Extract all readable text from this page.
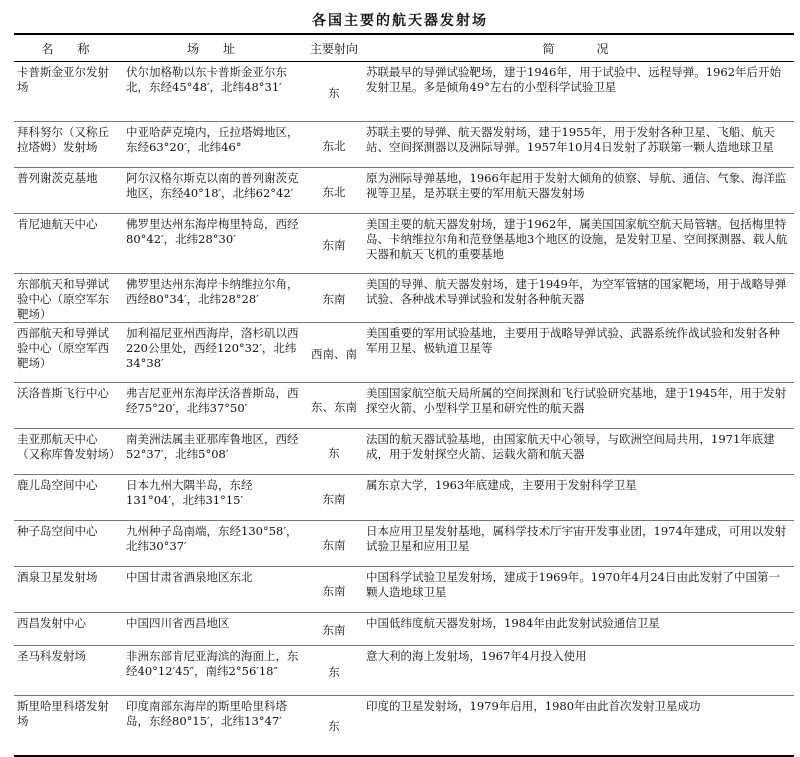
各国主要的航天器发射场
名　称	场　址	主要射向	简　　况
卡普斯金亚尔发射场	伏尔加格勒以东卡普斯金亚尔东北，东经45°48′，北纬48°31′	东	苏联最早的导弹试验靶场，建于1946年，用于试验中、远程导弹。1962年后开始发射卫星。多是倾角49°左右的小型科学试验卫星
拜科努尔（又称丘拉塔姆）发射场	中亚哈萨克境内，丘拉塔姆地区，东经63°20′，北纬46°	东北	苏联主要的导弹、航天器发射场，建于1955年，用于发射各种卫星、飞船、航天站、空间探测器以及洲际导弹。1957年10月4日发射了苏联第一颗人造地球卫星
普列谢茨克基地	阿尔汉格尔斯克以南的普列谢茨克地区，东经40°18′，北纬62°42′	东北	原为洲际导弹基地，1966年起用于发射大倾角的侦察、导航、通信、气象、海洋监视等卫星，是苏联主要的军用航天器发射场
肯尼迪航天中心	佛罗里达州东海岸梅里特岛，西经80°42′，北纬28°30′	东南	美国主要的航天器发射场，建于1962年，属美国国家航空航天局管辖。包括梅里特岛、卡纳维拉尔角和范登堡基地3个地区的设施，是发射卫星、空间探测器、载人航天器和航天飞机的重要基地
东部航天和导弹试验中心（原空军东靶场）	佛罗里达州东海岸卡纳维拉尔角，西经80°34′，北纬28°28′	东南	美国的导弹、航天器发射场，建于1949年，为空军管辖的国家靶场，用于战略导弹试验、各种战术导弹试验和发射各种航天器
西部航天和导弹试验中心（原空军西靶场）	加利福尼亚州西海岸，洛杉矶以西220公里处，西经120°32′，北纬34°38′	西南、南	美国重要的军用试验基地，主要用于战略导弹试验、武器系统作战试验和发射各种军用卫星、极轨道卫星等
沃洛普斯飞行中心	弗吉尼亚州东海岸沃洛普斯岛，西经75°20′，北纬37°50′	东、东南	美国国家航空航天局所属的空间探测和飞行试验研究基地，建于1945年，用于发射探空火箭、小型科学卫星和研究性的航天器
圭亚那航天中心（又称库鲁发射场）	南美洲法属圭亚那库鲁地区，西经52°37′，北纬5°08′	东	法国的航天器试验基地，由国家航天中心领导，与欧洲空间局共用，1971年底建成，用于发射探空火箭、运载火箭和航天器
鹿儿岛空间中心	日本九州大隅半岛，东经131°04′，北纬31°15′	东南	属东京大学，1963年底建成，主要用于发射科学卫星
种子岛空间中心	九州种子岛南端，东经130°58′，北纬30°37′	东南	日本应用卫星发射基地，属科学技术厅宇宙开发事业团，1974年建成，可用以发射试验卫星和应用卫星
酒泉卫星发射场	中国甘肃省酒泉地区东北	东南	中国科学试验卫星发射场，建成于1969年。1970年4月24日由此发射了中国第一颗人造地球卫星
西昌发射中心	中国四川省西昌地区	东南	中国低纬度航天器发射场，1984年由此发射试验通信卫星
圣马科发射场	非洲东部肯尼亚海滨的海面上，东经40°12′45″，南纬2°56′18″	东	意大利的海上发射场，1967年4月投入使用
斯里哈里科塔发射场	印度南部东海岸的斯里哈里科塔岛，东经80°15′，北纬13°47′	东	印度的卫星发射场，1979年启用，1980年由此首次发射卫星成功
